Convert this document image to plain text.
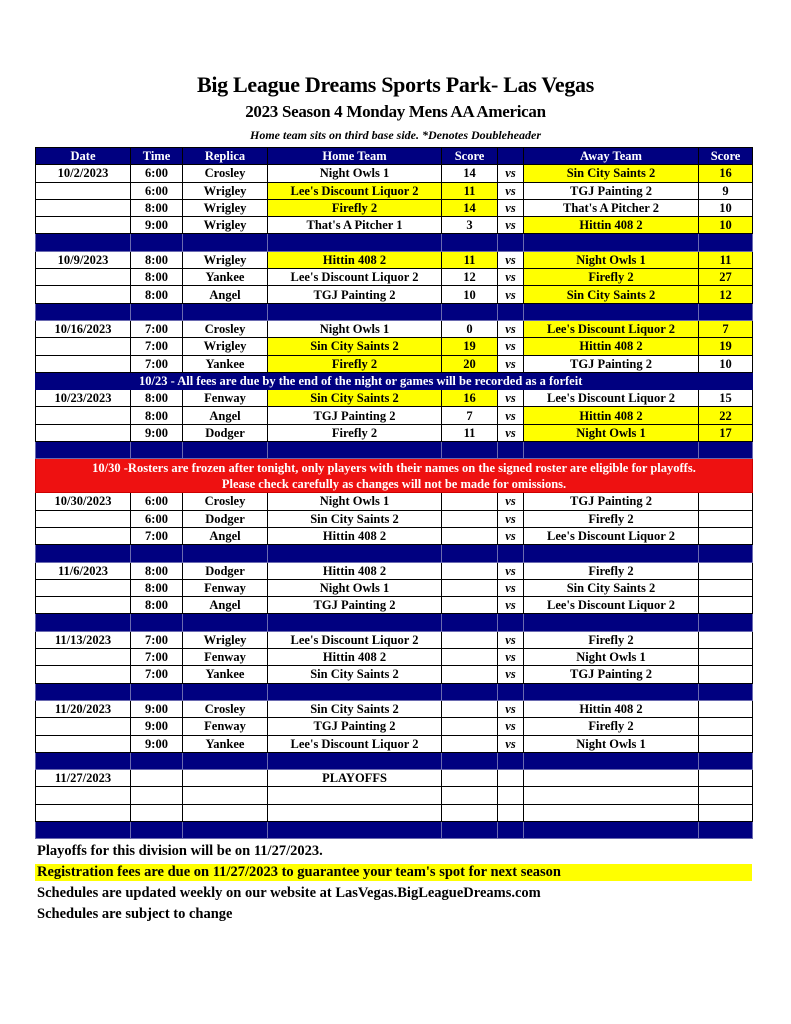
Big League Dreams Sports Park- Las Vegas
2023 Season 4 Monday Mens AA American
Home team sits on third base side. *Denotes Doubleheader
Date	Time	Replica	Home Team	Score		Away Team	Score
10/2/2023	6:00	Crosley	Night Owls 1	14	vs	Sin City Saints 2	16
	6:00	Wrigley	Lee's Discount Liquor 2	11	vs	TGJ Painting 2	9
	8:00	Wrigley	Firefly 2	14	vs	That's A Pitcher 2	10
	9:00	Wrigley	That's A Pitcher 1	3	vs	Hittin 408 2	10

10/9/2023	8:00	Wrigley	Hittin 408 2	11	vs	Night Owls 1	11
	8:00	Yankee	Lee's Discount Liquor 2	12	vs	Firefly 2	27
	8:00	Angel	TGJ Painting 2	10	vs	Sin City Saints 2	12

10/16/2023	7:00	Crosley	Night Owls 1	0	vs	Lee's Discount Liquor 2	7
	7:00	Wrigley	Sin City Saints 2	19	vs	Hittin 408 2	19
	7:00	Yankee	Firefly 2	20	vs	TGJ Painting 2	10
	10/23 - All fees are due by the end of the night or games will be recorded as a forfeit						
10/23/2023	8:00	Fenway	Sin City Saints 2	16	vs	Lee's Discount Liquor 2	15
	8:00	Angel	TGJ Painting 2	7	vs	Hittin 408 2	22
	9:00	Dodger	Firefly 2	11	vs	Night Owls 1	17

10/30 -Rosters are frozen after tonight, only players with their names on the signed roster are eligible for playoffs.
Please check carefully as changes will not be made for omissions.							

10/30/2023	6:00	Crosley	Night Owls 1		vs	TGJ Painting 2	
	6:00	Dodger	Sin City Saints 2		vs	Firefly 2	
	7:00	Angel	Hittin 408 2		vs	Lee's Discount Liquor 2	

11/6/2023	8:00	Dodger	Hittin 408 2		vs	Firefly 2	
	8:00	Fenway	Night Owls 1		vs	Sin City Saints 2	
	8:00	Angel	TGJ Painting 2		vs	Lee's Discount Liquor 2	

11/13/2023	7:00	Wrigley	Lee's Discount Liquor 2		vs	Firefly 2	
	7:00	Fenway	Hittin 408 2		vs	Night Owls 1	
	7:00	Yankee	Sin City Saints 2		vs	TGJ Painting 2	

11/20/2023	9:00	Crosley	Sin City Saints 2		vs	Hittin 408 2	
	9:00	Fenway	TGJ Painting 2		vs	Firefly 2	
	9:00	Yankee	Lee's Discount Liquor 2		vs	Night Owls 1	

11/27/2023			PLAYOFFS				

Playoffs for this division will be on 11/27/2023.
Registration fees are due on 11/27/2023 to guarantee your team's spot for next season
Schedules are updated weekly on our website at LasVegas.BigLeagueDreams.com
Schedules are subject to change
